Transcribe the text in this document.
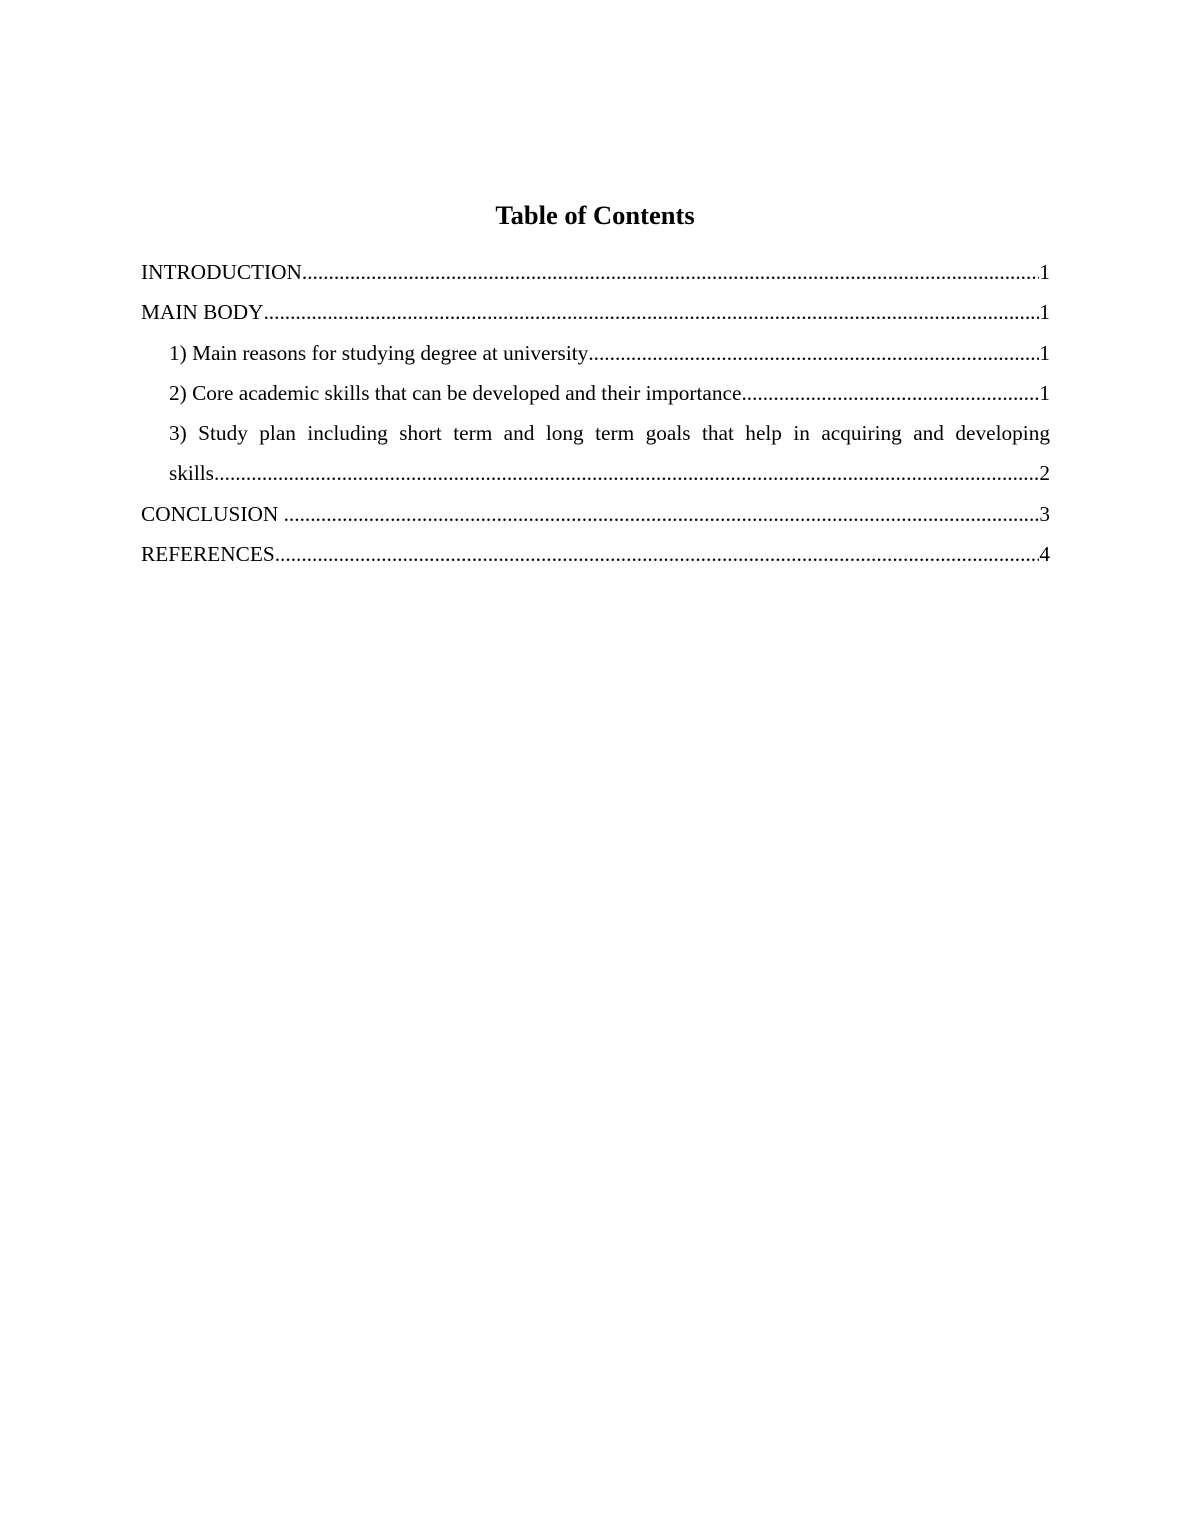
Table of Contents
INTRODUCTION .....	1
MAIN BODY .....	1
1) Main reasons for studying degree at university .....	1
2) Core academic skills that can be developed and their importance .....	1
3) Study plan including short term and long term goals that help in acquiring and developing
skills .....	2
CONCLUSION .....	3
REFERENCES .....	4
